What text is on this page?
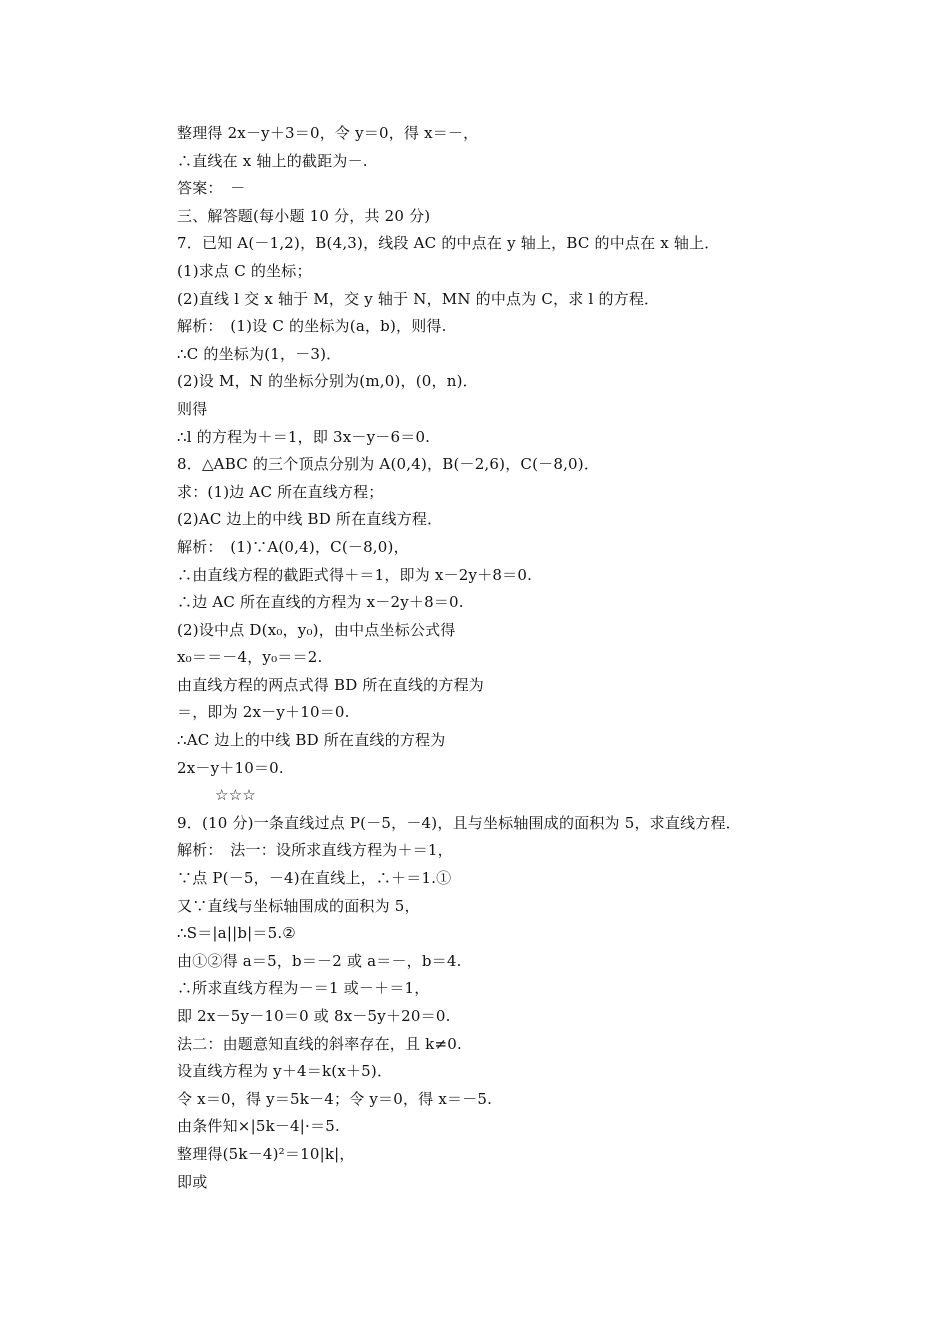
整理得 2x－y＋3＝0，令 y＝0，得 x＝－，
∴直线在 x 轴上的截距为－.
答案：　－
三、解答题(每小题 10 分，共 20 分)
7．已知 A(－1,2)，B(4,3)，线段 AC 的中点在 y 轴上，BC 的中点在 x 轴上．
(1)求点 C 的坐标；
(2)直线 l 交 x 轴于 M，交 y 轴于 N，MN 的中点为 C，求 l 的方程．
解析：　(1)设 C 的坐标为(a，b)，则得.
∴C 的坐标为(1，－3)．
(2)设 M，N 的坐标分别为(m,0)，(0，n)．
则得
∴l 的方程为＋＝1，即 3x－y－6＝0.
8．△ABC 的三个顶点分别为 A(0,4)，B(－2,6)，C(－8,0)．
求：(1)边 AC 所在直线方程；
(2)AC 边上的中线 BD 所在直线方程．
解析：　(1)∵A(0,4)，C(－8,0)，
∴由直线方程的截距式得＋＝1，即为 x－2y＋8＝0.
∴边 AC 所在直线的方程为 x－2y＋8＝0.
(2)设中点 D(x₀，y₀)，由中点坐标公式得
x₀＝＝－4，y₀＝＝2.
由直线方程的两点式得 BD 所在直线的方程为
＝，即为 2x－y＋10＝0.
∴AC 边上的中线 BD 所在直线的方程为
2x－y＋10＝0.
☆☆☆
9．(10 分)一条直线过点 P(－5，－4)，且与坐标轴围成的面积为 5，求直线方程．
解析：　法一：设所求直线方程为＋＝1，
∵点 P(－5，－4)在直线上，∴＋＝1.①
又∵直线与坐标轴围成的面积为 5，
∴S＝|a||b|＝5.②
由①②得 a＝5，b＝－2 或 a＝－，b＝4.
∴所求直线方程为－＝1 或－＋＝1，
即 2x－5y－10＝0 或 8x－5y＋20＝0.
法二：由题意知直线的斜率存在，且 k≠0.
设直线方程为 y＋4＝k(x＋5)．
令 x＝0，得 y＝5k－4；令 y＝0，得 x＝－5.
由条件知×|5k－4|·＝5.
整理得(5k－4)²＝10|k|，
即或
